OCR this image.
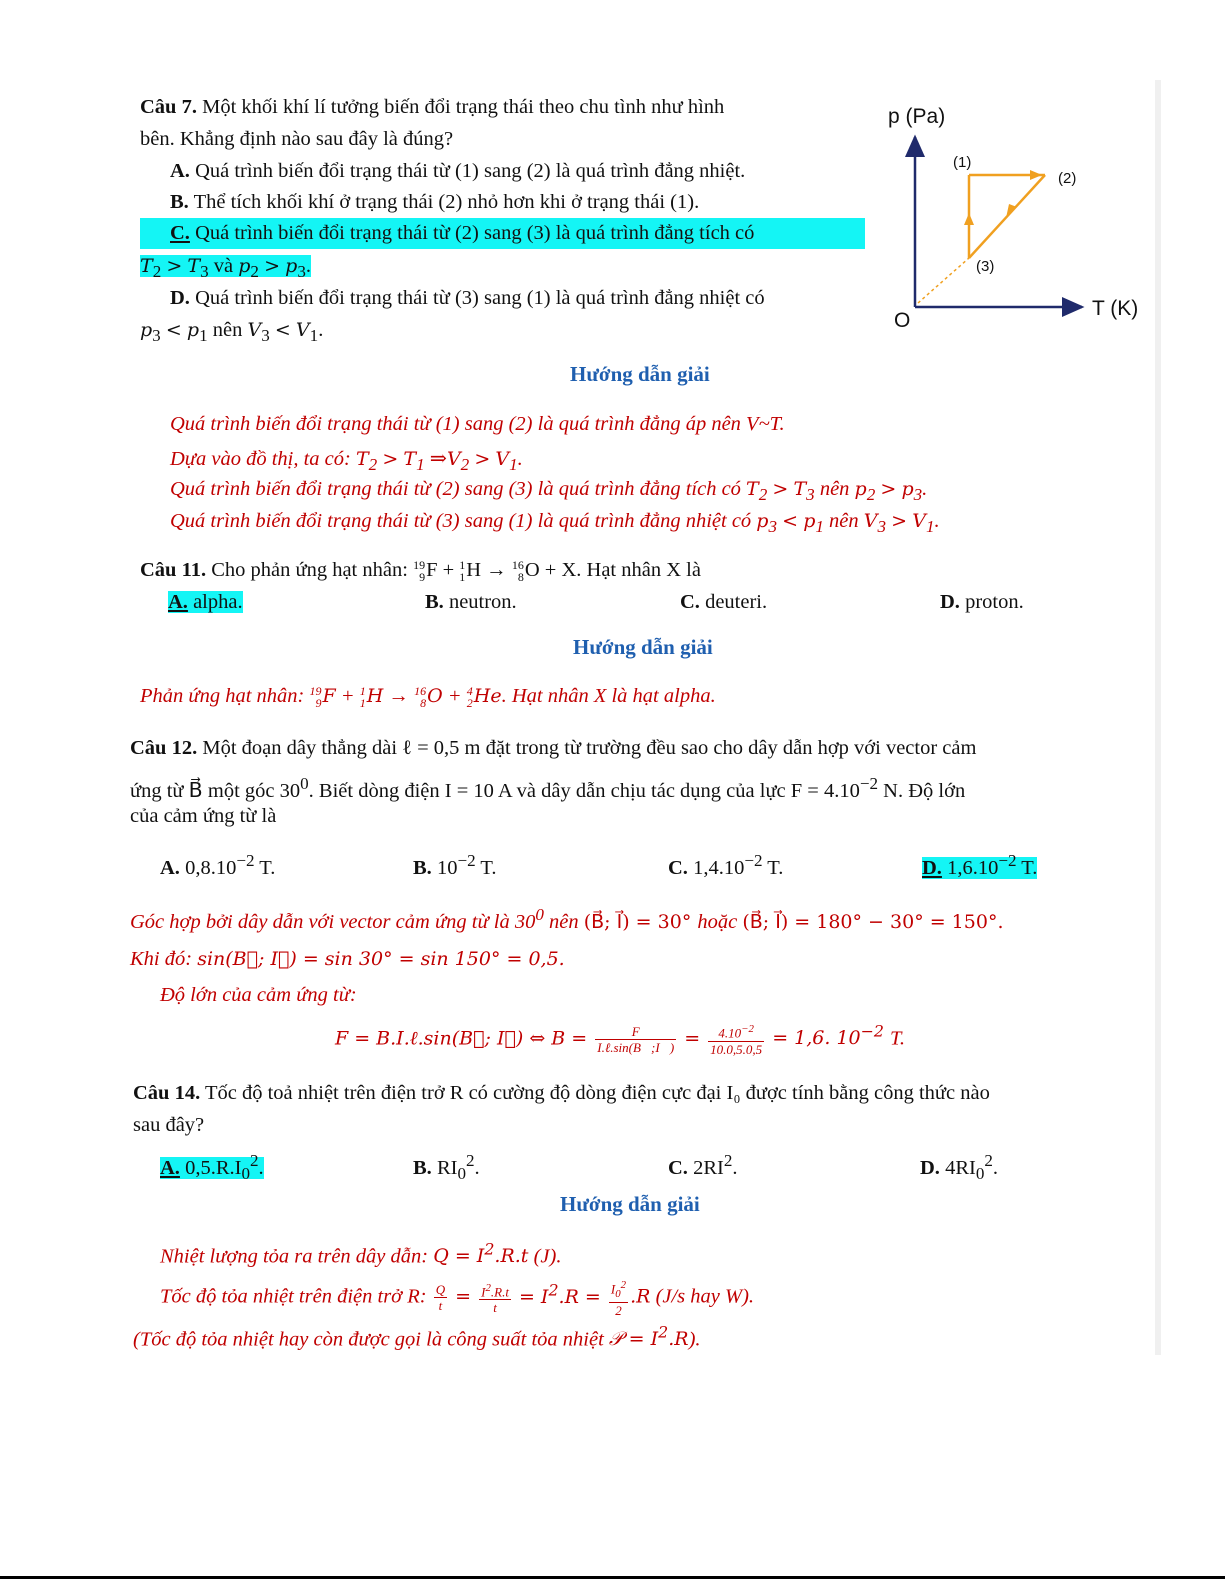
Câu 7. Một khối khí lí tưởng biến đổi trạng thái theo chu tình như hình
bên. Khẳng định nào sau đây là đúng?
A. Quá trình biến đổi trạng thái từ (1) sang (2) là quá trình đẳng nhiệt.
B. Thể tích khối khí ở trạng thái (2) nhỏ hơn khi ở trạng thái (1).
C. Quá trình biến đổi trạng thái từ (2) sang (3) là quá trình đẳng tích có
$T_2 > T_3$ và $p_2 > p_3$.
D. Quá trình biến đổi trạng thái từ (3) sang (1) là quá trình đẳng nhiệt có
$p_3 < p_1$ nên $V_3 < V_1$.
p (Pa)
T (K)
O
(1)
(2)
(3)
Hướng dẫn giải
Quá trình biến đổi trạng thái từ (1) sang (2) là quá trình đẳng áp nên V~T.
Dựa vào đồ thị, ta có: $T_2 > T_1$ $\Rightarrow V_2 > V_1$.
Quá trình biến đổi trạng thái từ (2) sang (3) là quá trình đẳng tích có $T_2 > T_3$ nên $p_2 > p_3$.
Quá trình biến đổi trạng thái từ (3) sang (1) là quá trình đẳng nhiệt có $p_3 < p_1$ nên $V_3 > V_1$.
Câu 11. Cho phản ứng hạt nhân: 19
9 F + 1
1 H → 16
8 O + X. Hạt nhân X là
A. alpha.	B. neutron.	C. deuteri.	D. proton.
Hướng dẫn giải
Phản ứng hạt nhân: 19
9 F + 1
1 H → 16
8 O + 4
2 He. Hạt nhân X là hạt alpha.
Câu 12. Một đoạn dây thẳng dài ℓ = 0,5 m đặt trong từ trường đều sao cho dây dẫn hợp với vector cảm
ứng từ B⃗ một góc $30^0$. Biết dòng điện I = 10 A và dây dẫn chịu tác dụng của lực $F = 4.10^{-2}$ N. Độ lớn
của cảm ứng từ là
A. $0,8.10^{-2}$ T.	B. $10^{-2}$ T.	C. $1,4.10^{-2}$ T.	D. $1,6.10^{-2}$ T.
Góc hợp bởi dây dẫn với vector cảm ứng từ là $30^0$ nên (B⃗; I⃗) = 30° hoặc (B⃗; I⃗) = 180° − 30° = 150°.
Khi đó: sin(B⃗; I⃗) = sin 30° = sin 150° = 0,5.
Độ lớn của cảm ứng từ:
F = B.I.ℓ.sin(B⃗; I⃗) ⇔ $B = \frac{F}{\text{I.ℓ.sin(B⃗;I⃗)}} = \frac{4.10^{-2}}{10.0,5.0,5} = 1,6$. $10^{-2}$ T.
Câu 14. Tốc độ toả nhiệt trên điện trở R có cường độ dòng điện cực đại I₀ được tính bằng công thức nào
sau đây?
A. $0,5.R.I_0^2$.	B. $RI_0^2$.	C. $2RI^2$.	D. $4RI_0^2$.
Hướng dẫn giải
Nhiệt lượng tỏa ra trên dây dẫn: $Q = I^2.R.t$ (J).
Tốc độ tỏa nhiệt trên điện trở R: $\frac{Q}{t} = \frac{I^2.R.t}{t} = I^2.R = \frac{I_0^2}{2} .R$ (J/s hay W).
(Tốc độ tỏa nhiệt hay còn được gọi là công suất tỏa nhiệt 𝒫 = $I^2.R$).
